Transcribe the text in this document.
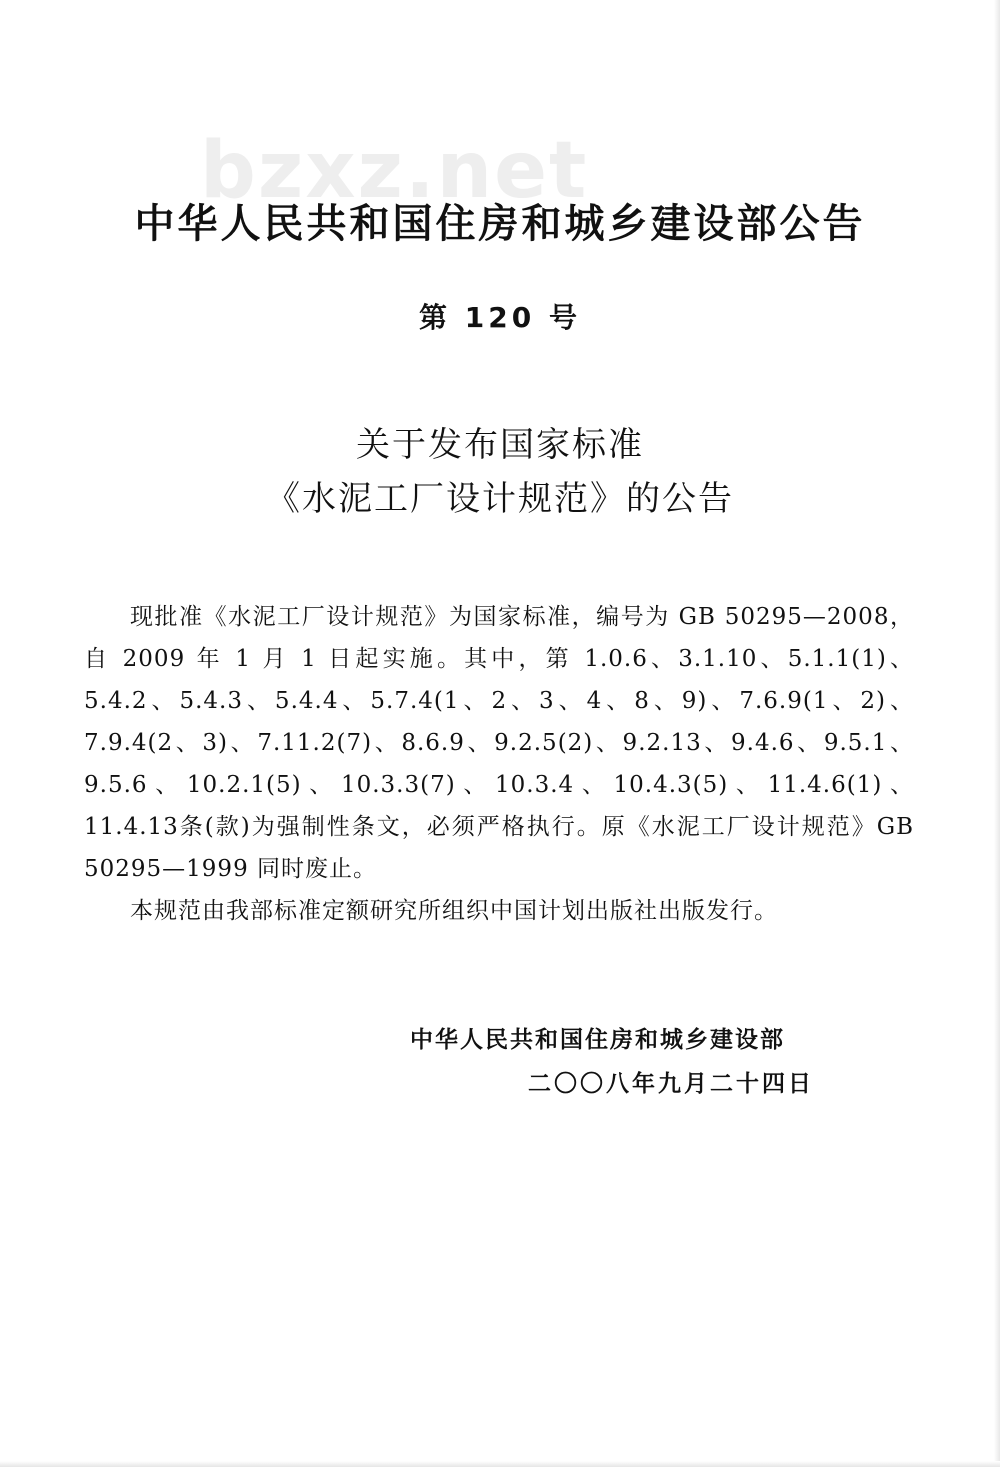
bzxz.net
中华人民共和国住房和城乡建设部公告
第 120 号
关于发布国家标准
《水泥工厂设计规范》的公告

现批准《水泥工厂设计规范》为国家标准，编号为 GB 50295—2008，自 2009 年 1 月 1 日起实施。其中，第 1.0.6、3.1.10、5.1.1(1)、5.4.2、5.4.3、5.4.4、5.7.4(1、2、3、4、8、9)、7.6.9(1、2)、7.9.4(2、3)、7.11.2(7)、8.6.9、9.2.5(2)、9.2.13、9.4.6、9.5.1、9.5.6、10.2.1(5)、10.3.3(7)、10.3.4、10.4.3(5)、11.4.6(1)、11.4.13条(款)为强制性条文，必须严格执行。原《水泥工厂设计规范》GB 50295—1999 同时废止。

本规范由我部标准定额研究所组织中国计划出版社出版发行。

中华人民共和国住房和城乡建设部
二〇〇八年九月二十四日
